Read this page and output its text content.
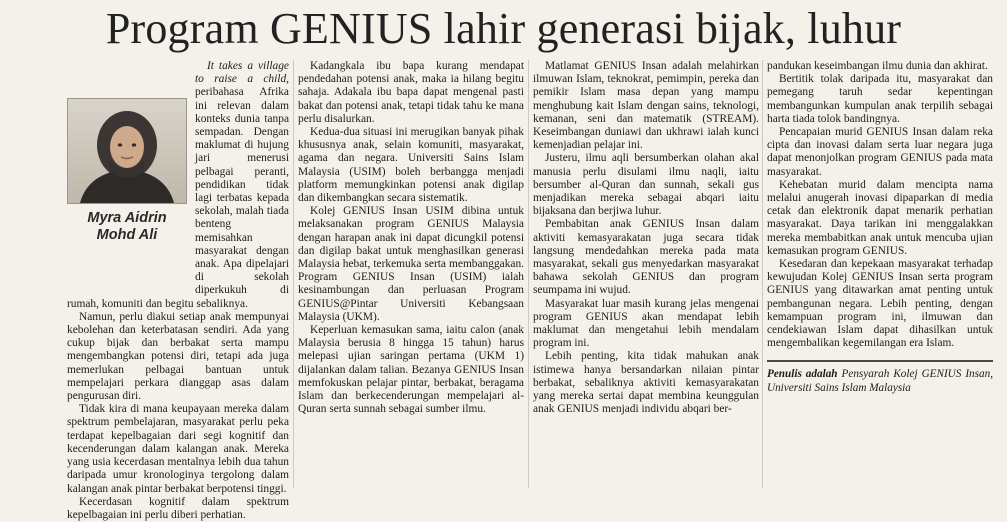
Program GENIUS lahir generasi bijak, luhur
Myra Aidrin
Mohd Ali

It takes a village to raise a child, peribahasa Afrika ini relevan dalam konteks dunia tanpa sempadan. Dengan maklumat di hujung jari menerusi pelbagai peranti, pendidikan tidak lagi terbatas kepada sekolah, malah tiada benteng memisahkan masyarakat dengan anak. Apa dipelajari di sekolah diperkukuh di rumah, komuniti dan begitu sebaliknya.

Namun, perlu diakui setiap anak mempunyai kebolehan dan keterbatasan sendiri. Ada yang cukup bijak dan berbakat serta mampu mengembangkan potensi diri, tetapi ada juga memerlukan pelbagai bantuan untuk mempelajari perkara dianggap asas dalam pengurusan diri.

Tidak kira di mana keupayaan mereka dalam spektrum pembelajaran, masyarakat perlu peka terdapat kepelbagaian dari segi kognitif dan kecenderungan dalam kalangan anak. Mereka yang usia kecerdasan mentalnya lebih dua tahun daripada umur kronologinya tergolong dalam kalangan anak pintar berbakat berpotensi tinggi.

Kecerdasan kognitif dalam spektrum kepelbagaian ini perlu diberi perhatian.

Kadangkala ibu bapa kurang mendapat pendedahan potensi anak, maka ia hilang begitu sahaja. Adakala ibu bapa dapat mengenal pasti bakat dan potensi anak, tetapi tidak tahu ke mana perlu disalurkan.

Kedua-dua situasi ini merugikan banyak pihak khususnya anak, selain komuniti, masyarakat, agama dan negara. Universiti Sains Islam Malaysia (USIM) boleh berbangga menjadi platform memungkinkan potensi anak digilap dan dikembangkan secara sistematik.

Kolej GENIUS Insan USIM dibina untuk melaksanakan program GENIUS Malaysia dengan harapan anak ini dapat dicungkil potensi dan digilap bakat untuk menghasilkan generasi Malaysia hebat, terkemuka serta membanggakan. Program GENIUS Insan (USIM) ialah kesinambungan dan perluasan Program GENIUS@Pintar Universiti Kebangsaan Malaysia (UKM).

Keperluan kemasukan sama, iaitu calon (anak Malaysia berusia 8 hingga 15 tahun) harus melepasi ujian saringan pertama (UKM 1) dijalankan dalam talian. Bezanya GENIUS Insan memfokuskan pelajar pintar, berbakat, beragama Islam dan berkecenderungan mempelajari al-Quran serta sunnah sebagai sumber ilmu.

Matlamat GENIUS Insan adalah melahirkan ilmuwan Islam, teknokrat, pemimpin, pereka dan pemikir Islam masa depan yang mampu menghubung kait Islam dengan sains, teknologi, kemanan, seni dan matematik (STREAM). Keseimbangan duniawi dan ukhrawi ialah kunci kemenjadian pelajar ini.

Justeru, ilmu aqli bersumberkan olahan akal manusia perlu disulami ilmu naqli, iaitu bersumber al-Quran dan sunnah, sekali gus menjadikan mereka sebagai abqari iaitu bijaksana dan berjiwa luhur.

Pembabitan anak GENIUS Insan dalam aktiviti kemasyarakatan juga secara tidak langsung mendedahkan mereka pada mata masyarakat, sekali gus menyedarkan masyarakat bahawa sekolah GENIUS dan program seumpama ini wujud.

Masyarakat luar masih kurang jelas mengenai program GENIUS akan mendapat lebih maklumat dan mengetahui lebih mendalam program ini.

Lebih penting, kita tidak mahukan anak istimewa hanya bersandarkan nilaian pintar berbakat, sebaliknya aktiviti kemasyarakatan yang mereka sertai dapat membina keunggulan anak GENIUS menjadi individu abqari ber-

pandukan keseimbangan ilmu dunia dan akhirat.

Bertitik tolak daripada itu, masyarakat dan pemegang taruh sedar kepentingan membangunkan kumpulan anak terpilih sebagai harta tiada tolok bandingnya.

Pencapaian murid GENIUS Insan dalam reka cipta dan inovasi dalam serta luar negara juga dapat menonjolkan program GENIUS pada mata masyarakat.

Kehebatan murid dalam mencipta nama melalui anugerah inovasi dipaparkan di media cetak dan elektronik dapat menarik perhatian masyarakat. Daya tarikan ini menggalakkan mereka membabitkan anak untuk mencuba ujian kemasukan program GENIUS.

Kesedaran dan kepekaan masyarakat terhadap kewujudan Kolej GENIUS Insan serta program GENIUS yang ditawarkan amat penting untuk pembangunan negara. Lebih penting, dengan kemampuan program ini, ilmuwan dan cendekiawan Islam dapat dihasilkan untuk mengembalikan kegemilangan era Islam.

Penulis adalah Pensyarah Kolej GENIUS Insan, Universiti Sains Islam Malaysia
